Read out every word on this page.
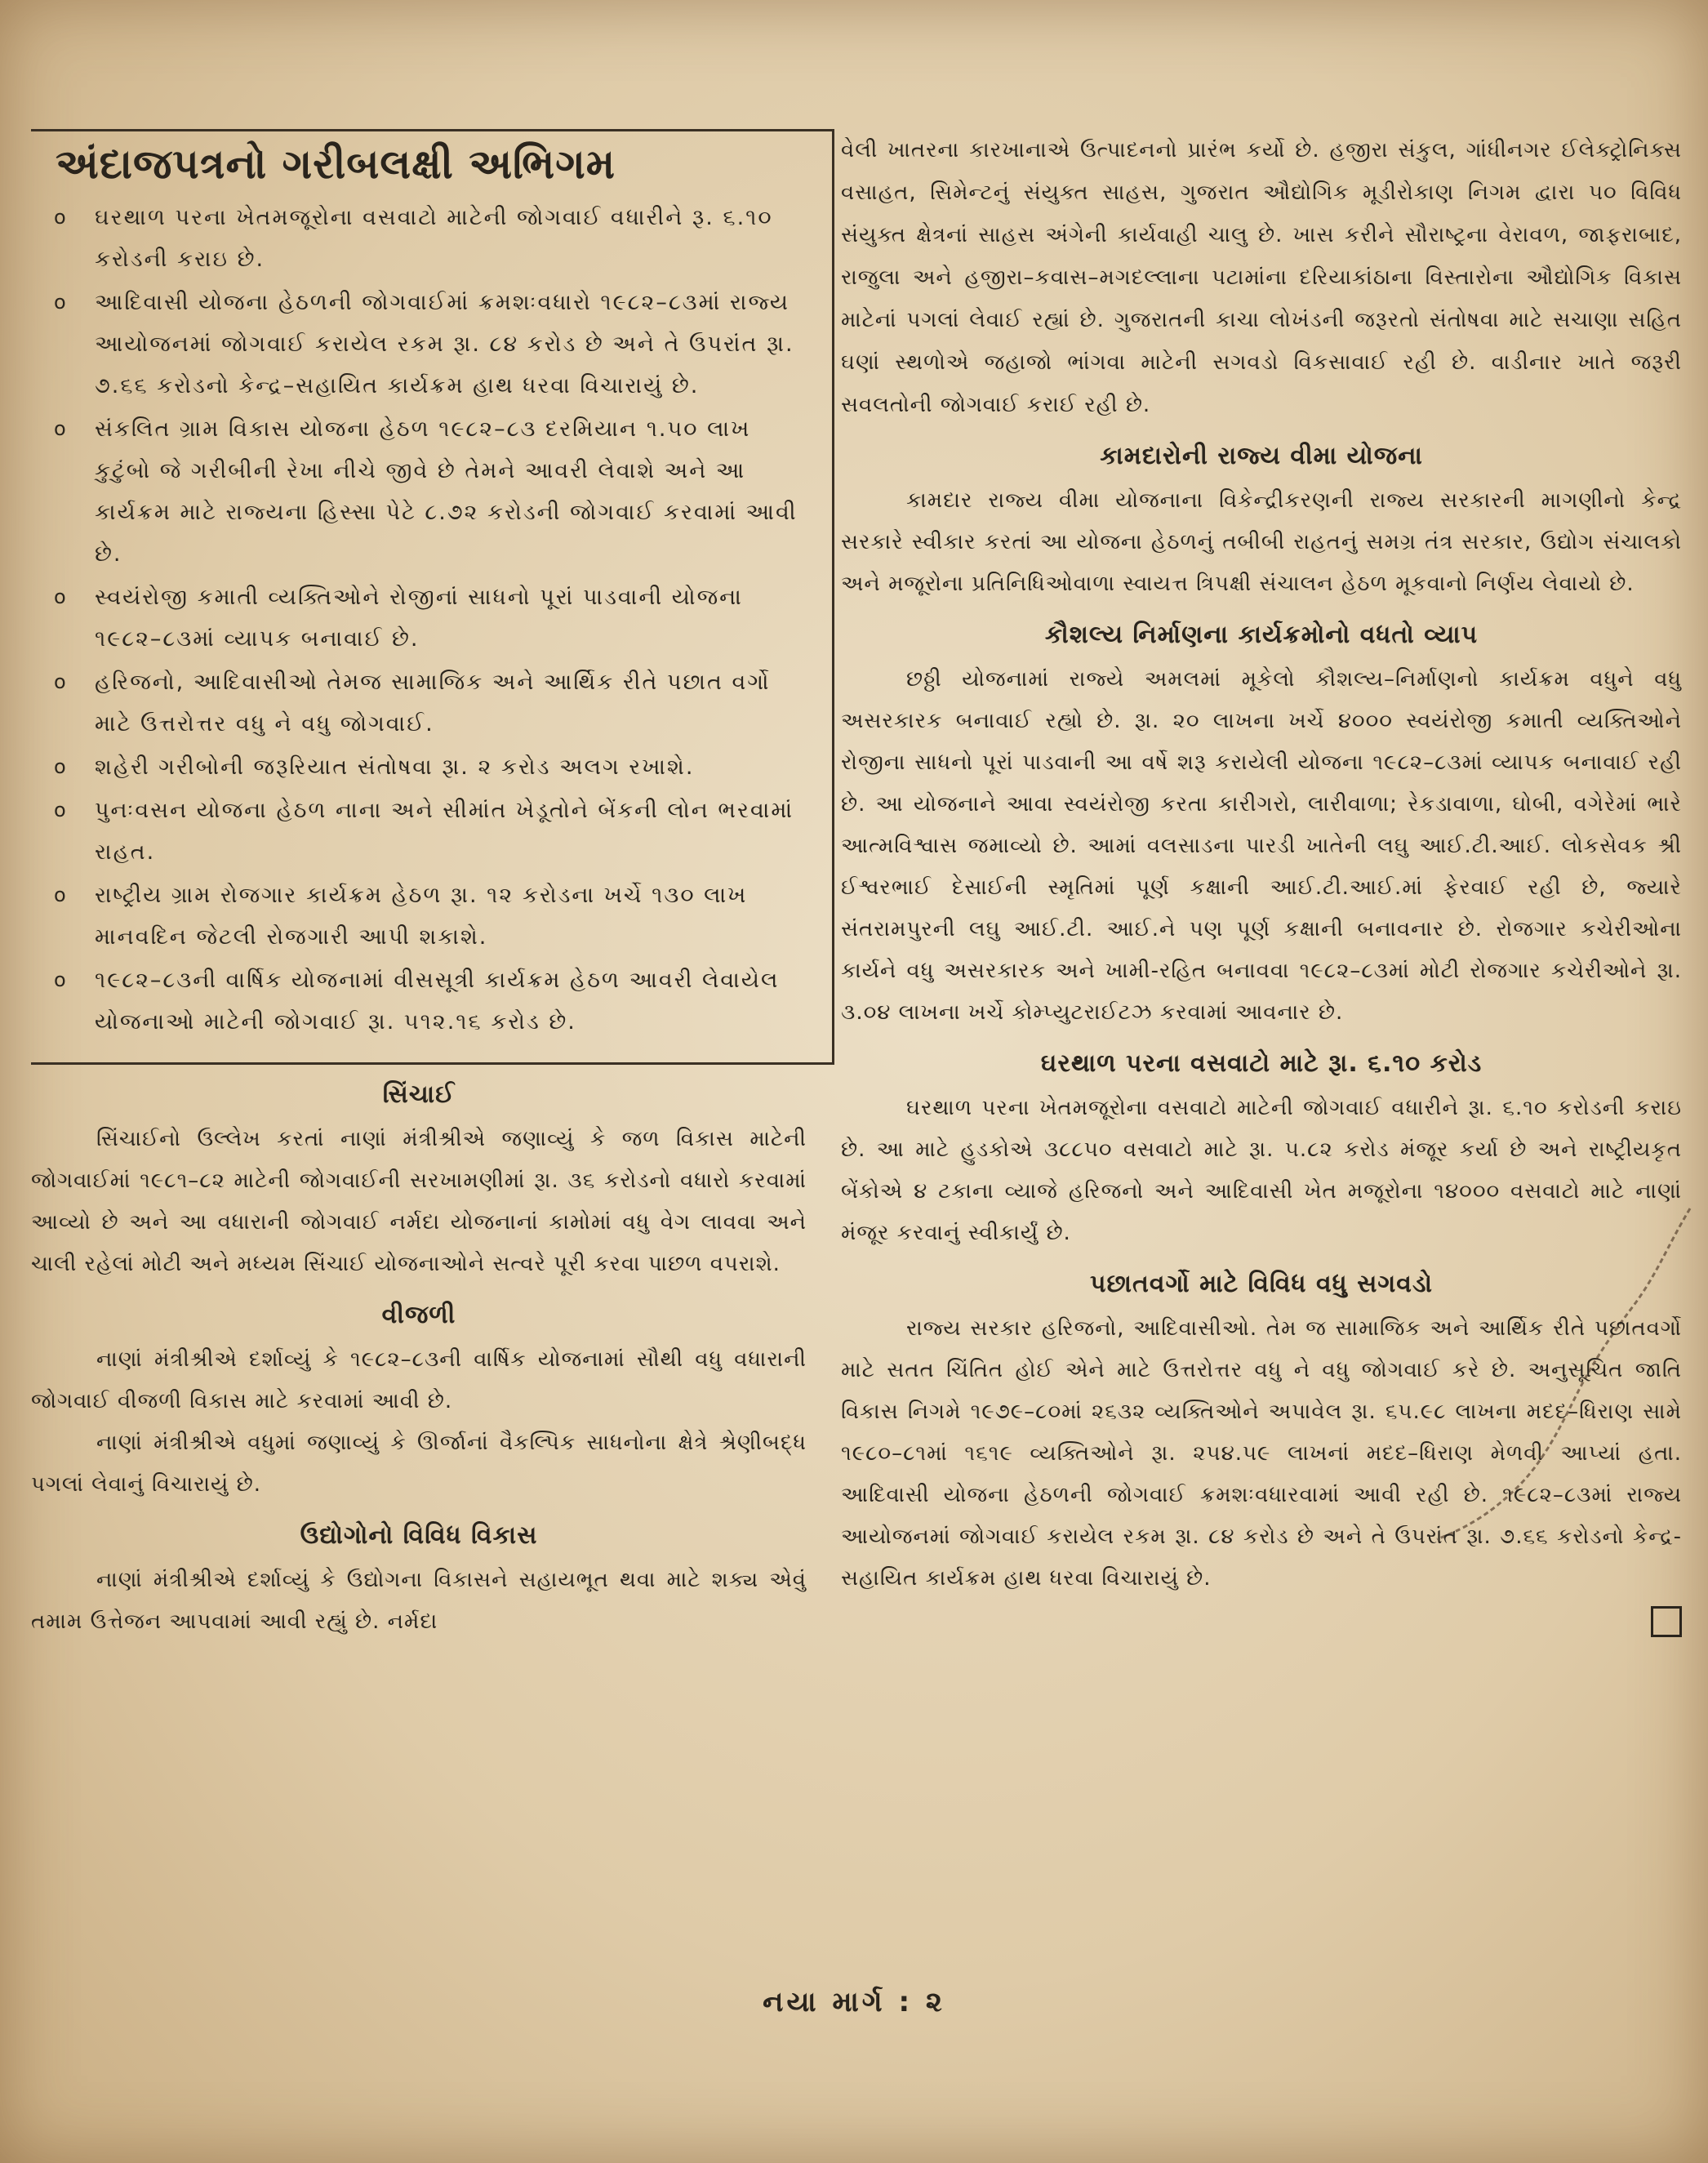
અંદાજપત્રનો ગરીબલક્ષી અભિગમ
o ઘરથાળ પરના ખેતમજૂરોના વસવાટો માટેની જોગવાઈ વધારીને રૂ. ૬.૧૦ કરોડની કરાઇ છે.
o આદિવાસી યોજના હેઠળની જોગવાઈમાં ક્રમશઃવધારો ૧૯૮૨–૮૩માં રાજ્ય આયોજનમાં જોગવાઈ કરાયેલ રકમ રૂા. ૮૪ કરોડ છે અને તે ઉપરાંત રૂા. ૭.૬૬ કરોડનો કેન્દ્ર–સહાયિત કાર્યક્રમ હાથ ધરવા વિચારાયું છે.
o સંકલિત ગ્રામ વિકાસ યોજના હેઠળ ૧૯૮૨–૮૩ દરમિયાન ૧.૫૦ લાખ કુટુંબો જે ગરીબીની રેખા નીચે જીવે છે તેમને આવરી લેવાશે અને આ કાર્યક્રમ માટે રાજ્યના હિસ્સા પેટે ૮.૭૨ કરોડની જોગવાઈ કરવામાં આવી છે.
o સ્વયંરોજી કમાતી વ્યક્તિઓને રોજીનાં સાધનો પૂરાં પાડવાની યોજના ૧૯૮૨–૮૩માં વ્યાપક બનાવાઈ છે.
o હરિજનો, આદિવાસીઓ તેમજ સામાજિક અને આર્થિક રીતે પછાત વર્ગો માટે ઉત્તરોત્તર વધુ ને વધુ જોગવાઈ.
o શહેરી ગરીબોની જરૂરિયાત સંતોષવા રૂા. ૨ કરોડ અલગ રખાશે.
o પુનઃવસન યોજના હેઠળ નાના અને સીમાંત ખેડૂતોને બેંકની લોન ભરવામાં રાહત.
o રાષ્ટ્રીય ગ્રામ રોજગાર કાર્યક્રમ હેઠળ રૂા. ૧૨ કરોડના ખર્ચે ૧૩૦ લાખ માનવદિન જેટલી રોજગારી આપી શકાશે.
o ૧૯૮૨–૮૩ની વાર્ષિક યોજનામાં વીસસૂત્રી કાર્યક્રમ હેઠળ આવરી લેવાયેલ યોજનાઓ માટેની જોગવાઈ રૂા. ૫૧૨.૧૬ કરોડ છે.
સિંચાઈ

સિંચાઈનો ઉલ્લેખ કરતાં નાણાં મંત્રીશ્રીએ જણાવ્યું કે જળ વિકાસ માટેની જોગવાઈમાં ૧૯૮૧–૮૨ માટેની જોગવાઈની સરખામણીમાં રૂા. ૩૬ કરોડનો વધારો કરવામાં આવ્યો છે અને આ વધારાની જોગવાઈ નર્મદા યોજનાનાં કામોમાં વધુ વેગ લાવવા અને ચાલી રહેલાં મોટી અને મધ્યમ સિંચાઈ યોજનાઓને સત્વરે પૂરી કરવા પાછળ વપરાશે.

વીજળી

નાણાં મંત્રીશ્રીએ દર્શાવ્યું કે ૧૯૮૨–૮૩ની વાર્ષિક યોજનામાં સૌથી વધુ વધારાની જોગવાઈ વીજળી વિકાસ માટે કરવામાં આવી છે.

નાણાં મંત્રીશ્રીએ વધુમાં જણાવ્યું કે ઊર્જાનાં વૈકલ્પિક સાધનોના ક્ષેત્રે શ્રેણીબદ્ધ પગલાં લેવાનું વિચારાયું છે.

ઉદ્યોગોનો વિવિધ વિકાસ

નાણાં મંત્રીશ્રીએ દર્શાવ્યું કે ઉદ્યોગના વિકાસને સહાયભૂત થવા માટે શક્ય એવું તમામ ઉત્તેજન આપવામાં આવી રહ્યું છે. નર્મદા

વેલી ખાતરના કારખાનાએ ઉત્પાદનનો પ્રારંભ કર્યો છે. હજીરા સંકુલ, ગાંધીનગર ઈલેક્ટ્રોનિક્સ વસાહત, સિમેન્ટનું સંયુક્ત સાહસ, ગુજરાત ઔદ્યોગિક મૂડીરોકાણ નિગમ દ્વારા ૫૦ વિવિધ સંયુક્ત ક્ષેત્રનાં સાહસ અંગેની કાર્યવાહી ચાલુ છે. ખાસ કરીને સૌરાષ્ટ્રના વેરાવળ, જાફરાબાદ, રાજુલા અને હજીરા–કવાસ–મગદલ્લાના પટામાંના દરિયાકાંઠાના વિસ્તારોના ઔદ્યોગિક વિકાસ માટેનાં પગલાં લેવાઈ રહ્યાં છે. ગુજરાતની કાચા લોખંડની જરૂરતો સંતોષવા માટે સચાણા સહિત ઘણાં સ્થળોએ જહાજો ભાંગવા માટેની સગવડો વિકસાવાઈ રહી છે. વાડીનાર ખાતે જરૂરી સવલતોની જોગવાઈ કરાઈ રહી છે.

કામદારોની રાજ્ય વીમા યોજના

કામદાર રાજ્ય વીમા યોજનાના વિકેન્દ્રીકરણની રાજ્ય સરકારની માગણીનો કેન્દ્ર સરકારે સ્વીકાર કરતાં આ યોજના હેઠળનું તબીબી રાહતનું સમગ્ર તંત્ર સરકાર, ઉદ્યોગ સંચાલકો અને મજૂરોના પ્રતિનિધિઓવાળા સ્વાયત્ત ત્રિપક્ષી સંચાલન હેઠળ મૂકવાનો નિર્ણય લેવાયો છે.

કૌશલ્ય નિર્માણના કાર્યક્રમોનો વધતો વ્યાપ

છઠ્ઠી યોજનામાં રાજ્યે અમલમાં મૂકેલો કૌશલ્ય–નિર્માણનો કાર્યક્રમ વધુને વધુ અસરકારક બનાવાઈ રહ્યો છે. રૂા. ૨૦ લાખના ખર્ચે ૪૦૦૦ સ્વયંરોજી કમાતી વ્યક્તિઓને રોજીના સાધનો પૂરાં પાડવાની આ વર્ષે શરૂ કરાયેલી યોજના ૧૯૮૨–૮૩માં વ્યાપક બનાવાઈ રહી છે. આ યોજનાને આવા સ્વયંરોજી કરતા કારીગરો, લારીવાળા; રેકડાવાળા, ઘોબી, વગેરેમાં ભારે આત્મવિશ્વાસ જમાવ્યો છે. આમાં વલસાડના પારડી ખાતેની લઘુ આઈ.ટી.આઈ. લોકસેવક શ્રી ઈશ્વરભાઈ દેસાઈની સ્મૃતિમાં પૂર્ણ કક્ષાની આઈ.ટી.આઈ.માં ફેરવાઈ રહી છે, જ્યારે સંતરામપુરની લઘુ આઈ.ટી. આઈ.ને પણ પૂર્ણ કક્ષાની બનાવનાર છે. રોજગાર કચેરીઓના કાર્યને વધુ અસરકારક અને ખામી-રહિત બનાવવા ૧૯૮૨–૮૩માં મોટી રોજગાર કચેરીઓને રૂા. ૩.૦૪ લાખના ખર્ચે કોમ્પ્યુટરાઈટઝ કરવામાં આવનાર છે.

ઘરથાળ પરના વસવાટો માટે રૂા. ૬.૧૦ કરોડ

ઘરથાળ પરના ખેતમજૂરોના વસવાટો માટેની જોગવાઈ વધારીને રૂા. ૬.૧૦ કરોડની કરાઇ છે. આ માટે હુડકોએ ૩૮૮૫૦ વસવાટો માટે રૂા. ૫.૮૨ કરોડ મંજૂર કર્યા છે અને રાષ્ટ્રીયકૃત બેંકોએ ૪ ટકાના વ્યાજે હરિજનો અને આદિવાસી ખેત મજૂરોના ૧૪૦૦૦ વસવાટો માટે નાણાં મંજૂર કરવાનું સ્વીકાર્યું છે.

પછાતવર્ગો માટે વિવિધ વધુ સગવડો

રાજ્ય સરકાર હરિજનો, આદિવાસીઓ. તેમ જ સામાજિક અને આર્થિક રીતે પછાતવર્ગો માટે સતત ચિંતિત હોઈ એને માટે ઉત્તરોત્તર વધુ ને વધુ જોગવાઈ કરે છે. અનુસૂચિત જાતિ વિકાસ નિગમે ૧૯૭૯–૮૦માં ૨૬૩૨ વ્યક્તિઓને અપાવેલ રૂા. ૬૫.૯૮ લાખના મદદ–ધિરાણ સામે ૧૯૮૦–૮૧માં ૧૬૧૯ વ્યક્તિઓને રૂા. ૨૫૪.૫૯ લાખનાં મદદ–ધિરાણ મેળવી આપ્યાં હતા. આદિવાસી યોજના હેઠળની જોગવાઈ ક્રમશઃવધારવામાં આવી રહી છે. ૧૯૮૨–૮૩માં રાજ્ય આયોજનમાં જોગવાઈ કરાયેલ રકમ રૂા. ૮૪ કરોડ છે અને તે ઉપરાંત રૂા. ૭.૬૬ કરોડનો કેન્દ્ર-સહાયિત કાર્યક્રમ હાથ ધરવા વિચારાયું છે.

નયા માર્ગ : ૨
